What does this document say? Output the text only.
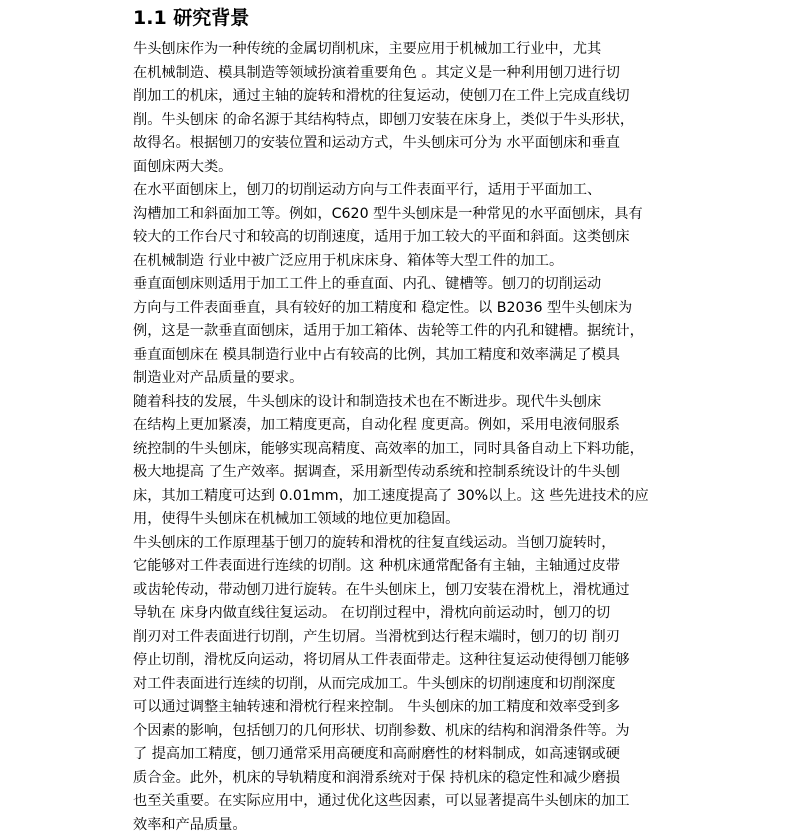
1.1 研究背景
牛头刨床作为一种传统的金属切削机床，主要应用于机械加工行业中，尤其
在机械制造、模具制造等领域扮演着重要角色 。其定义是一种利用刨刀进行切
削加工的机床，通过主轴的旋转和滑枕的往复运动，使刨刀在工件上完成直线切
削。牛头刨床 的命名源于其结构特点，即刨刀安装在床身上，类似于牛头形状，
故得名。根据刨刀的安装位置和运动方式，牛头刨床可分为 水平面刨床和垂直
面刨床两大类。
在水平面刨床上，刨刀的切削运动方向与工件表面平行，适用于平面加工、
沟槽加工和斜面加工等。例如，C620 型牛头刨床是一种常见的水平面刨床，具有
较大的工作台尺寸和较高的切削速度，适用于加工较大的平面和斜面。这类刨床
在机械制造 行业中被广泛应用于机床床身、箱体等大型工件的加工。
垂直面刨床则适用于加工工件上的垂直面、内孔、键槽等。刨刀的切削运动
方向与工件表面垂直，具有较好的加工精度和 稳定性。以 B2036 型牛头刨床为
例，这是一款垂直面刨床，适用于加工箱体、齿轮等工件的内孔和键槽。据统计，
垂直面刨床在 模具制造行业中占有较高的比例，其加工精度和效率满足了模具
制造业对产品质量的要求。
随着科技的发展，牛头刨床的设计和制造技术也在不断进步。现代牛头刨床
在结构上更加紧凑，加工精度更高，自动化程 度更高。例如，采用电液伺服系
统控制的牛头刨床，能够实现高精度、高效率的加工，同时具备自动上下料功能，
极大地提高 了生产效率。据调查，采用新型传动系统和控制系统设计的牛头刨
床，其加工精度可达到 0.01mm，加工速度提高了 30%以上。这 些先进技术的应
用，使得牛头刨床在机械加工领域的地位更加稳固。
牛头刨床的工作原理基于刨刀的旋转和滑枕的往复直线运动。当刨刀旋转时，
它能够对工件表面进行连续的切削。这 种机床通常配备有主轴，主轴通过皮带
或齿轮传动，带动刨刀进行旋转。在牛头刨床上，刨刀安装在滑枕上，滑枕通过
导轨在 床身内做直线往复运动。 在切削过程中，滑枕向前运动时，刨刀的切
削刃对工件表面进行切削，产生切屑。当滑枕到达行程末端时，刨刀的切 削刃
停止切削，滑枕反向运动，将切屑从工件表面带走。这种往复运动使得刨刀能够
对工件表面进行连续的切削，从而完成加工。牛头刨床的切削速度和切削深度
可以通过调整主轴转速和滑枕行程来控制。 牛头刨床的加工精度和效率受到多
个因素的影响，包括刨刀的几何形状、切削参数、机床的结构和润滑条件等。为
了 提高加工精度，刨刀通常采用高硬度和高耐磨性的材料制成，如高速钢或硬
质合金。此外，机床的导轨精度和润滑系统对于保 持机床的稳定性和减少磨损
也至关重要。在实际应用中，通过优化这些因素，可以显著提高牛头刨床的加工
效率和产品质量。
